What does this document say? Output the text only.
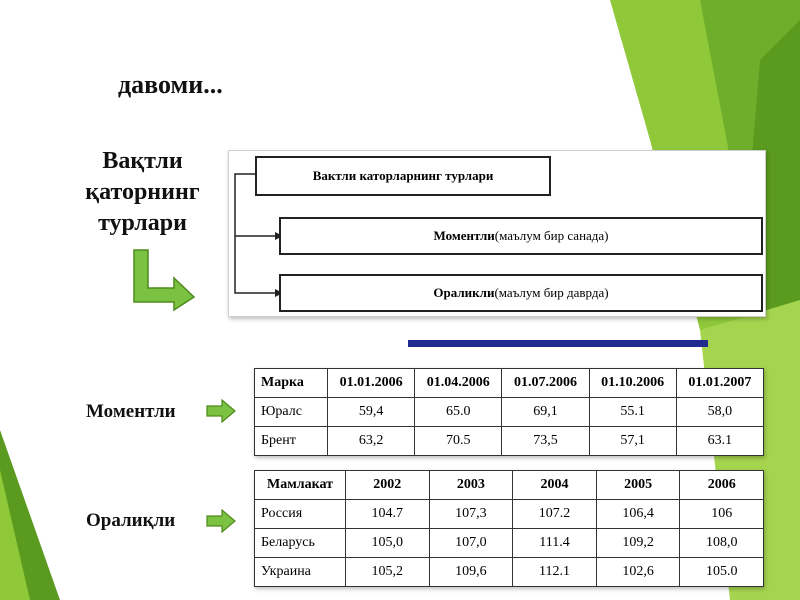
давоми...
Вақтли
қаторнинг
турлари
Вактли каторларнинг турлари
Моментли (маълум бир санада)
Ораликли (маълум бир даврда)
Моментли
Оралиқли
Марка	01.01.2006	01.04.2006	01.07.2006	01.10.2006	01.01.2007
Юралс	59,4	65.0	69,1	55.1	58,0
Брент	63,2	70.5	73,5	57,1	63.1
Мамлакат	2002	2003	2004	2005	2006
Россия	104.7	107,3	107.2	106,4	106
Беларусь	105,0	107,0	111.4	109,2	108,0
Украина	105,2	109,6	112.1	102,6	105.0
